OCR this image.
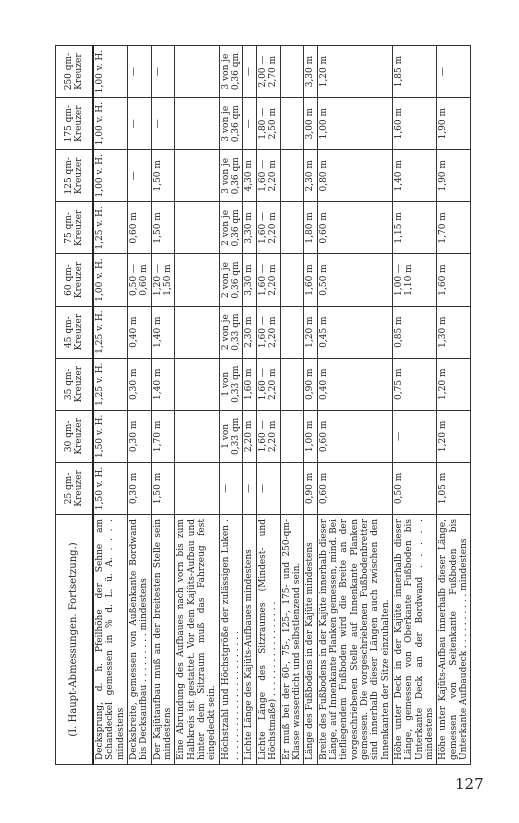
(I. Haupt-Abmessungen. Fortsetzung.)	25 qm-Kreuzer	30 qm-Kreuzer	35 qm-Kreuzer	45 qm-Kreuzer	60 qm-Kreuzer	75 qm-Kreuzer	125 qm-Kreuzer	175 qm-Kreuzer	250 qm-Kreuzer
Decksprung, d. h. Pfeilhöhe der Sehne am Schandeckel gemessen in % d. L. ü. A. . . . . mindestens	1,50 v. H.	1,50 v. H.	1,25 v. H.	1,25 v. H.	1,00 v. H.	1,25 v. H.	1,00 v. H.	1,00 v. H.	1,00 v. H.
Decksbreite, gemessen von Außenkante Bordwand bis Decksaufbau . . . . . . . . . mindestens	0,30 m	0,30 m	0,30 m	0,40 m	0,50 — 0,60 m	0,60 m	—	—	—
Der Kajütaufbau muß an der breitesten Stelle sein mindestens	1,50 m	1,70 m	1,40 m	1,40 m	1,20 — 1,50 m	1,50 m	1,50 m	—	—
Eine Abrundung des Aufbaues nach vorn bis zum Halbkreis ist gestattet. Vor dem Kajüts-Aufbau und hinter dem Sitzraum muß das Fahrzeug fest eingedeckt sein.									
Höchstzahl und Höchstgröße der zulässigen Luken . . . . . . . . . . . . . . . . . . . . . . . .	—	1 von 0,33 qm	1 von 0,33 qm	2 von je 0,33 qm	2 von je 0,36 qm	2 von je 0,36 qm	3 von je 0,36 qm	3 von je 0,36 qm	3 von je 0,36 qm
Lichte Länge des Kajüts-Aufbaues mindestens	—	2,20 m	1,60 m	2,30 m	3,30 m	3,30 m	4,30 m	—	—
Lichte Länge des Sitzraumes (Mindest- und Höchstmaße) . . . . . . . . . . . . . . . . .	—	1,60 — 2,20 m	1,60 — 2,20 m	1,60 — 2,20 m	1,60 — 2,20 m	1,60 — 2,20 m	1,60 — 2,20 m	1,80 — 2,50 m	2,00 — 2,70 m
Er muß bei der 60-, 75-, 125-, 175- und 250-qm-Klasse wasserdicht und selbstlenzend sein.									
Länge des Fußbodens in der Kajüte mindestens	0,90 m	1,00 m	0,90 m	1,20 m	1,60 m	1,80 m	2,30 m	3,00 m	3,30 m
Breite des Fußbodens in der Kajüte innerhalb dieser Länge, auf Innenkante Planken gemessen, mind. Bei tiefliegendem Fußboden wird die Breite an der vorgeschriebenen Stelle auf Innenkante Planken gemessen. Die vorgeschriebenen Fußbodenbretter sind innerhalb dieser Längen auch zwischen den Innenkanten der Sitze einzuhalten.	0,60 m	0,60 m	0,40 m	0,45 m	0,50 m	0,60 m	0,80 m	1,00 m	1,20 m
Höhe unter Deck in der Kajüte innerhalb dieser Länge, gemessen von Oberkante Fußboden bis Unterkante Deck an der Bordwand . . . . . mindestens	0,50 m	—	0,75 m	0,85 m	1,00 — 1,10 m	1,15 m	1,40 m	1,60 m	1,85 m
Höhe unter Kajüts-Aufbau innerhalb dieser Länge, gemessen von Seitenkante Fußboden bis Unterkante Aufbaudeck . . . . . . . . . . mindestens	1,05 m	1,20 m	1,20 m	1,30 m	1,60 m	1,70 m	1,90 m	1,90 m	—
127
